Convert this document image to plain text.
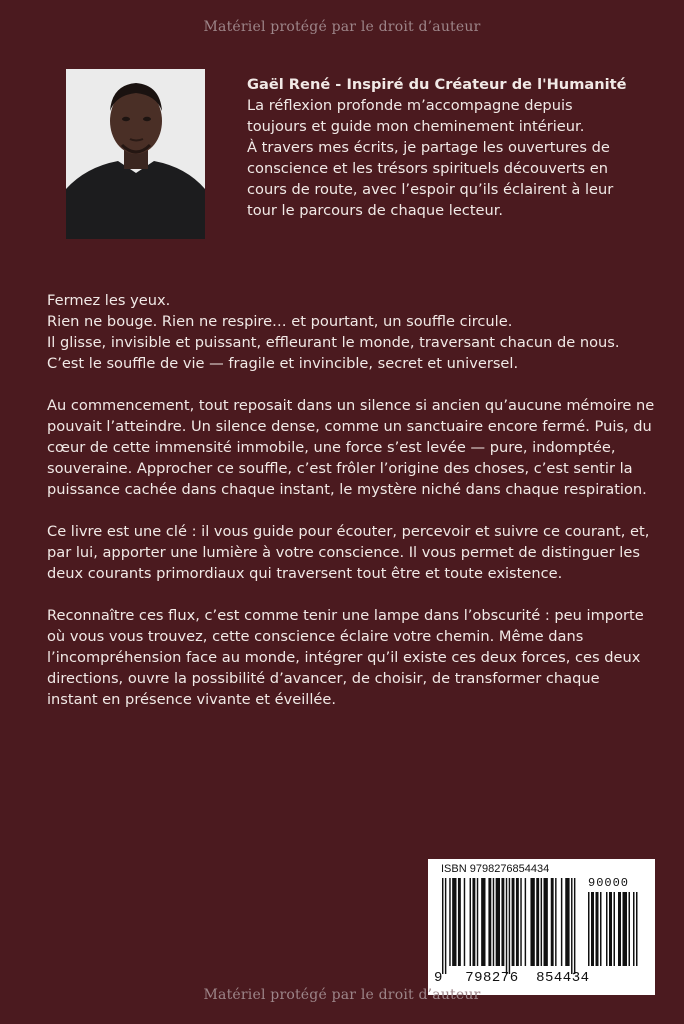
Matériel protégé par le droit d’auteur
Gaël René - Inspiré du Créateur de l'Humanité
La réflexion profonde m’accompagne depuis
toujours et guide mon cheminement intérieur.
À travers mes écrits, je partage les ouvertures de
conscience et les trésors spirituels découverts en
cours de route, avec l’espoir qu’ils éclairent à leur
tour le parcours de chaque lecteur.

Fermez les yeux.
Rien ne bouge. Rien ne respire… et pourtant, un souffle circule.
Il glisse, invisible et puissant, effleurant le monde, traversant chacun de nous.
C’est le souffle de vie — fragile et invincible, secret et universel.

Au commencement, tout reposait dans un silence si ancien qu’aucune mémoire ne
pouvait l’atteindre. Un silence dense, comme un sanctuaire encore fermé. Puis, du
cœur de cette immensité immobile, une force s’est levée — pure, indomptée,
souveraine. Approcher ce souffle, c’est frôler l’origine des choses, c’est sentir la
puissance cachée dans chaque instant, le mystère niché dans chaque respiration.

Ce livre est une clé : il vous guide pour écouter, percevoir et suivre ce courant, et,
par lui, apporter une lumière à votre conscience. Il vous permet de distinguer les
deux courants primordiaux qui traversent tout être et toute existence.

Reconnaître ces flux, c’est comme tenir une lampe dans l’obscurité : peu importe
où vous vous trouvez, cette conscience éclaire votre chemin. Même dans
l’incompréhension face au monde, intégrer qu’il existe ces deux forces, ces deux
directions, ouvre la possibilité d’avancer, de choisir, de transformer chaque
instant en présence vivante et éveillée.

ISBN 9798276854434
90000
9 798276 854434
Matériel protégé par le droit d’auteur
